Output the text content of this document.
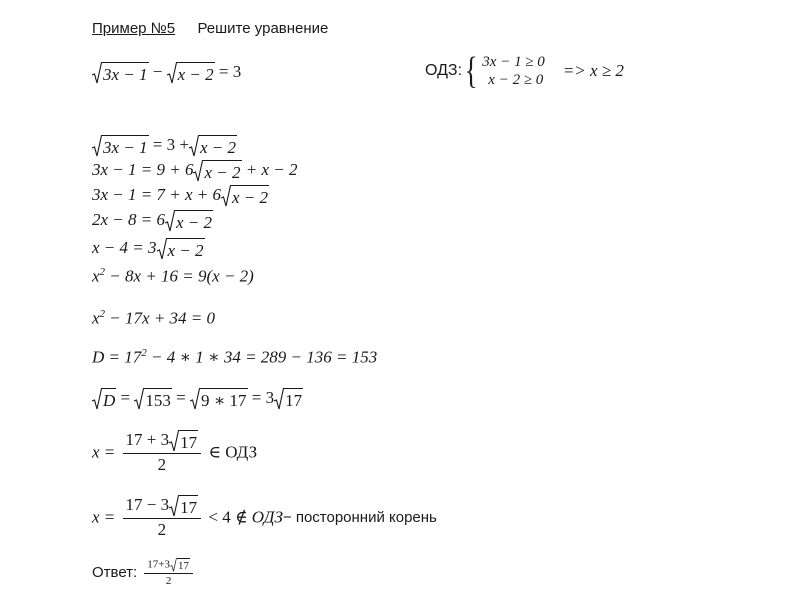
Пример №5 Решите уравнение
3x − 1 − x − 2 = 3	ОДЗ: { 3x − 1 ≥ 0
x − 2 ≥ 0 => x ≥ 2
3x − 1 = 3 + x − 2
3x − 1 = 9 + 6 x − 2 + x − 2
3x − 1 = 7 + x + 6 x − 2
2x − 8 = 6 x − 2
x − 4 = 3 x − 2
$x^2 - 8x + 16 = 9(x - 2)$
$x^2 - 17x + 34 = 0$
$D = 17^2 - 4$ ∗ 1 ∗ 34 = 289 − 136 = 153
D = 153 = 9 ∗ 17 = 3 17
$x = \frac{17 + 3 17}{2}$ ∈ ОДЗ
$x = \frac{17 - 3 17}{2} < 4$ ∉ ОДЗ− посторонний корень
Ответ: $\frac{17+3 17}{2}$
